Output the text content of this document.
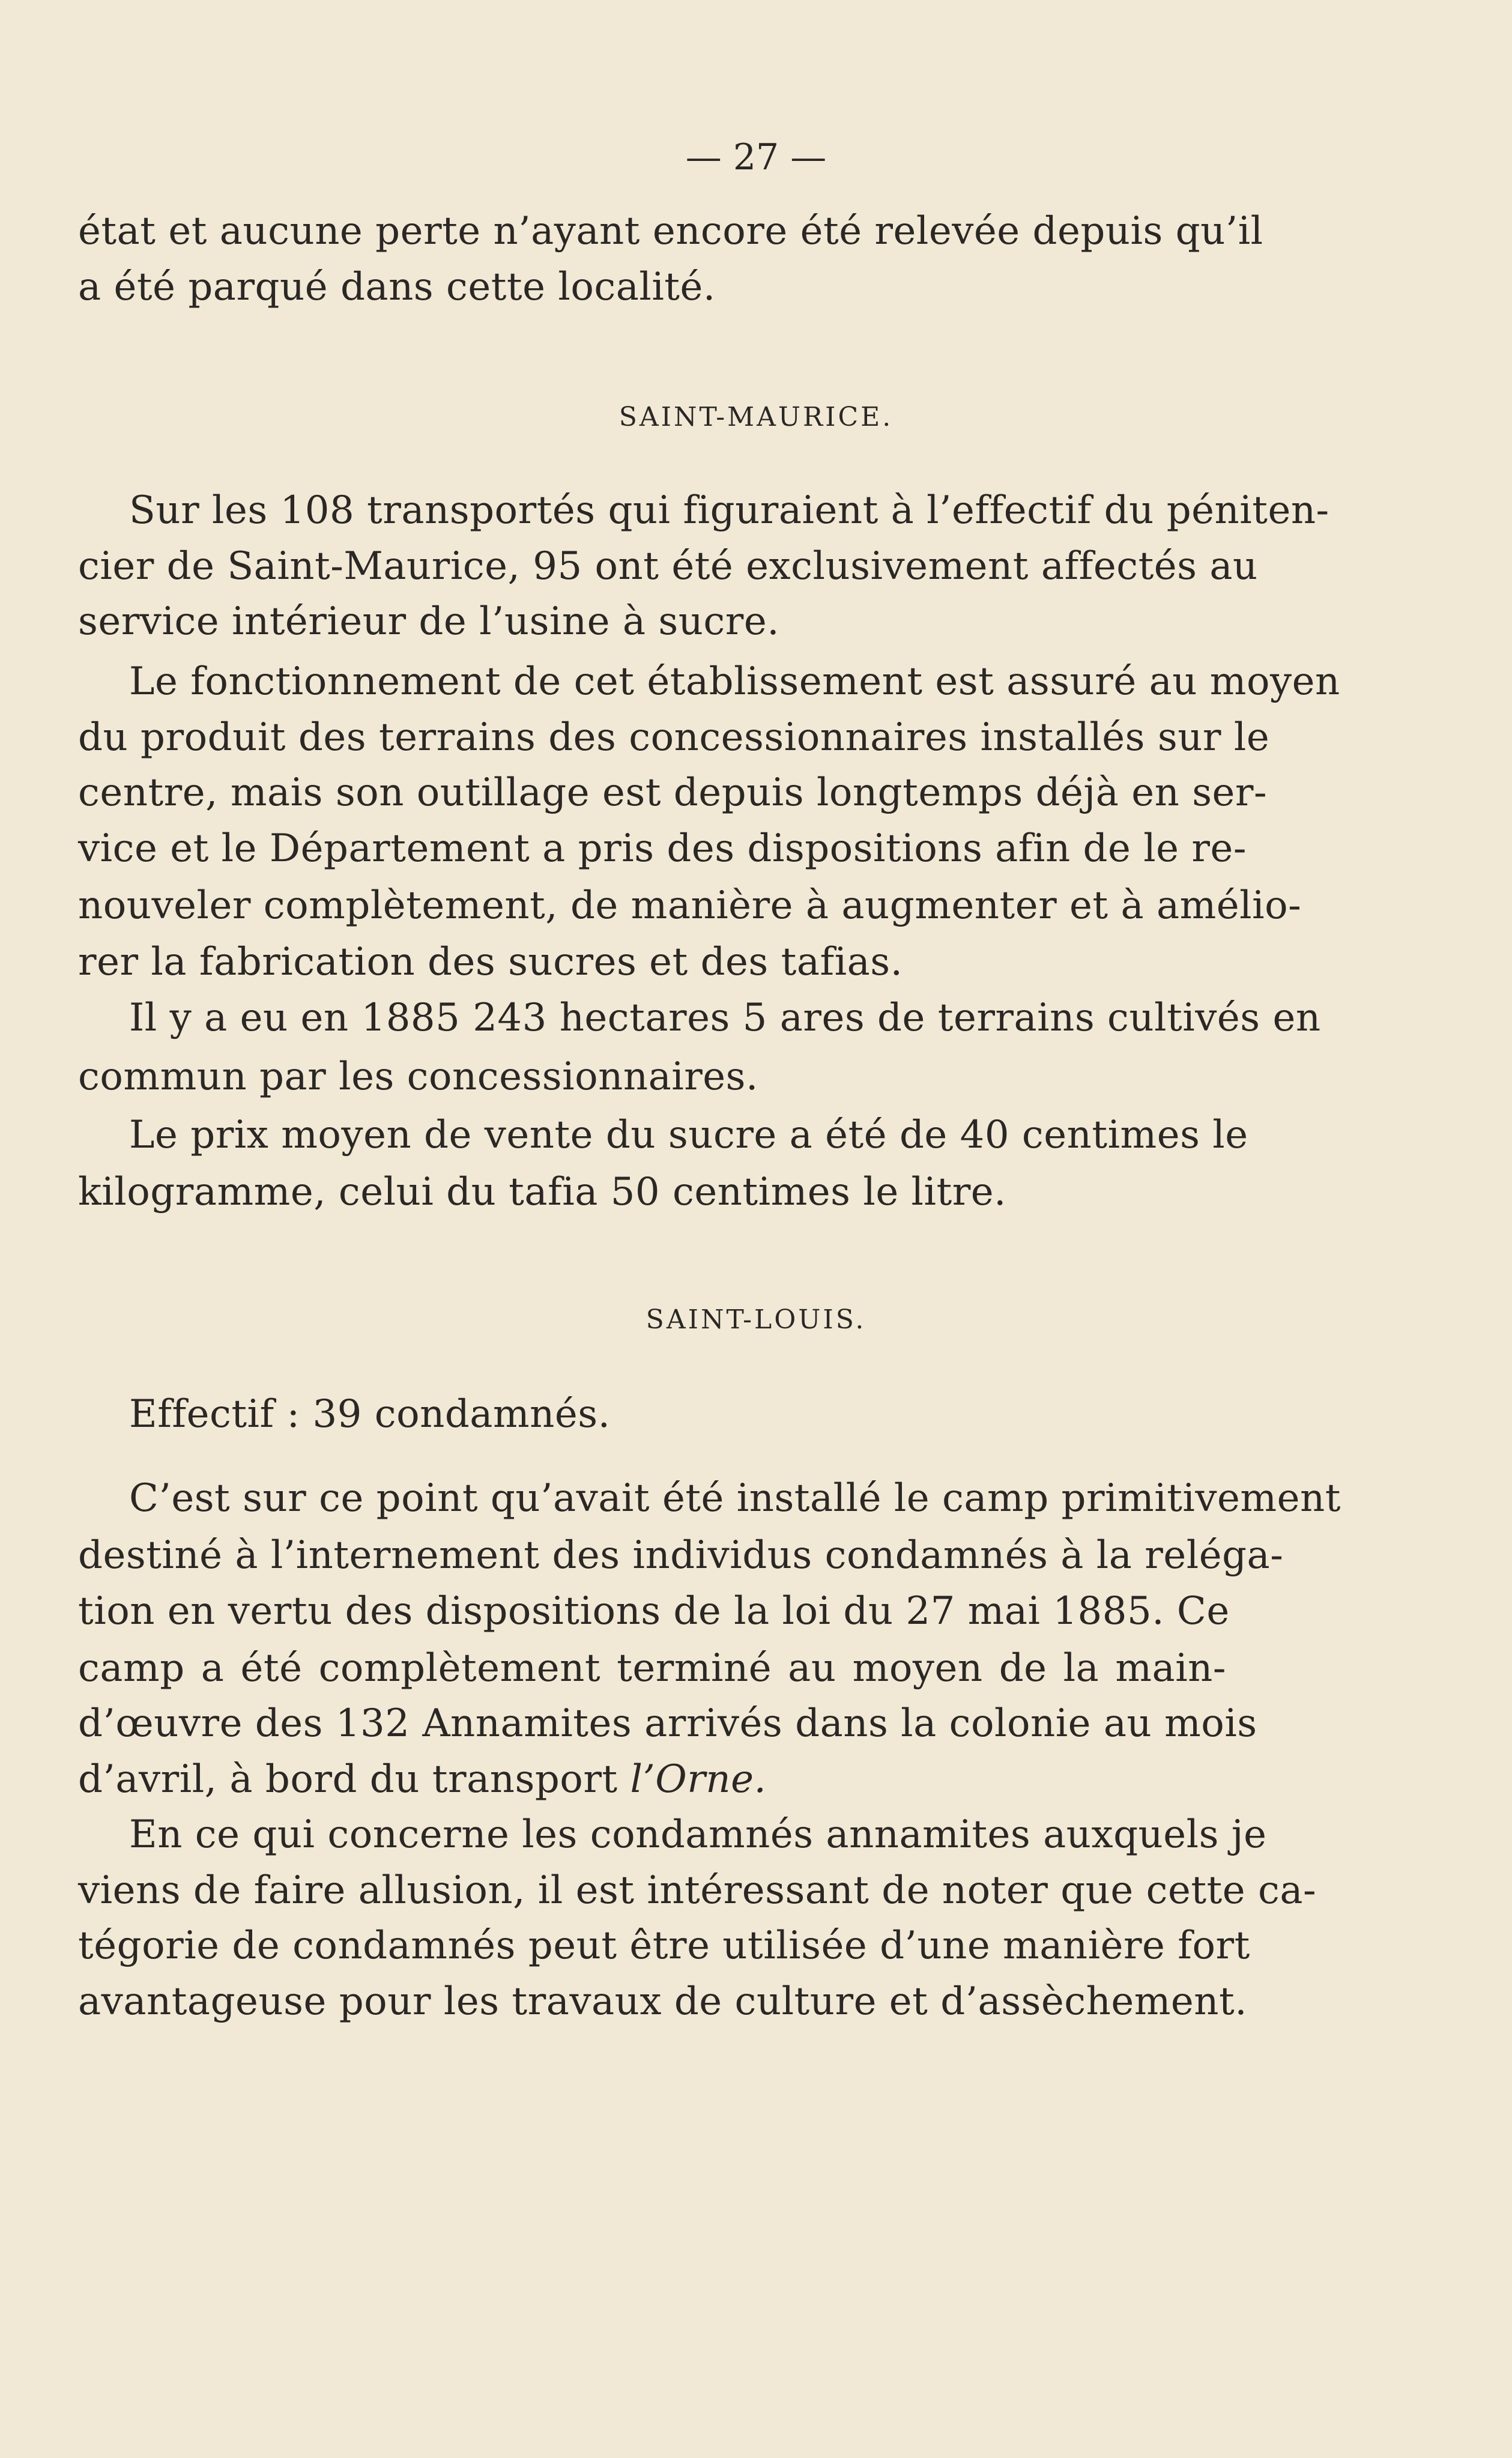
— 27 —
état et aucune perte n’ayant encore été relevée depuis qu’il
a été parqué dans cette localité.
SAINT-MAURICE.
Sur les 108 transportés qui figuraient à l’effectif du péniten-
cier de Saint-Maurice, 95 ont été exclusivement affectés au
service intérieur de l’usine à sucre.
Le fonctionnement de cet établissement est assuré au moyen
du produit des terrains des concessionnaires installés sur le
centre, mais son outillage est depuis longtemps déjà en ser-
vice et le Département a pris des dispositions afin de le re-
nouveler complètement, de manière à augmenter et à amélio-
rer la fabrication des sucres et des tafias.
Il y a eu en 1885 243 hectares 5 ares de terrains cultivés en
commun par les concessionnaires.
Le prix moyen de vente du sucre a été de 40 centimes le
kilogramme, celui du tafia 50 centimes le litre.
SAINT-LOUIS.
Effectif : 39 condamnés.
C’est sur ce point qu’avait été installé le camp primitivement
destiné à l’internement des individus condamnés à la relégа-
tion en vertu des dispositions de la loi du 27 mai 1885. Ce
camp a été complètement terminé au moyen de la main-
d’œuvre des 132 Annamites arrivés dans la colonie au mois
d’avril, à bord du transport l’Orne.
En ce qui concerne les condamnés annamites auxquels je
viens de faire allusion, il est intéressant de noter que cette ca-
tégorie de condamnés peut être utilisée d’une manière fort
avantageuse pour les travaux de culture et d’assèchement.
